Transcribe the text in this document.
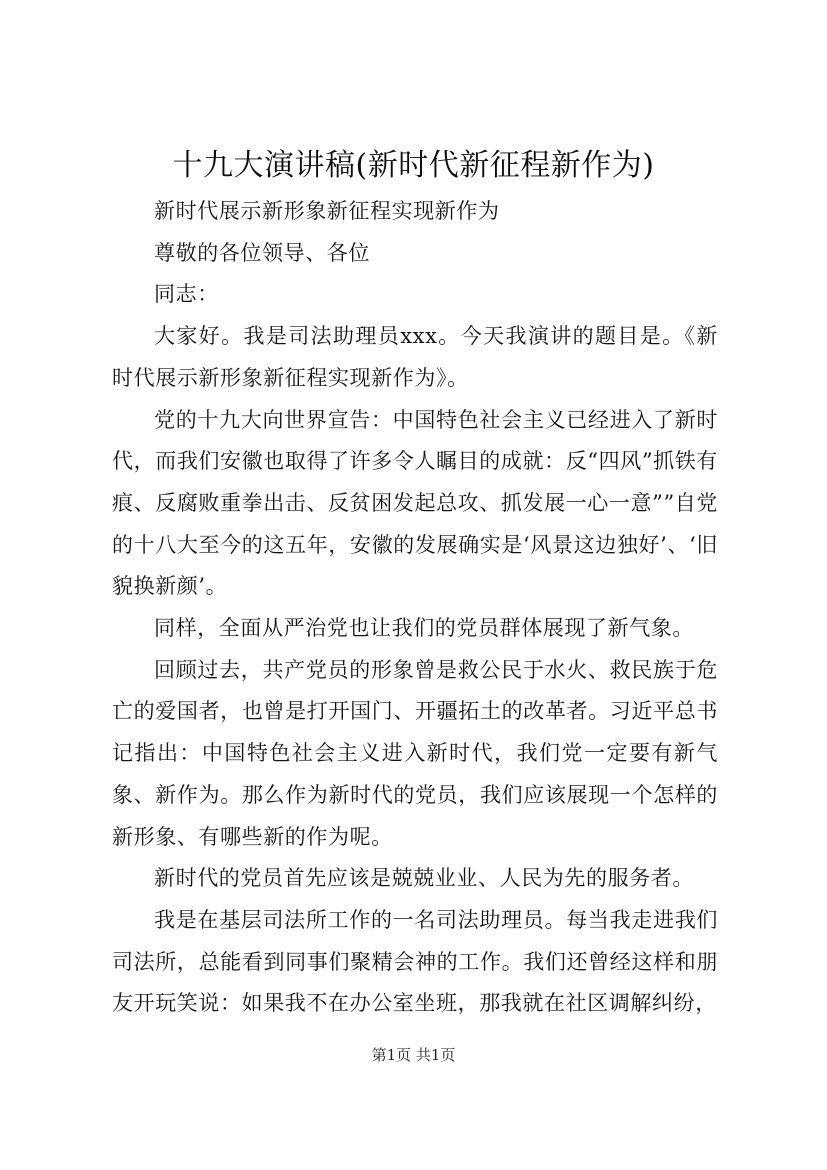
十九大演讲稿(新时代新征程新作为)

新时代展示新形象新征程实现新作为

尊敬的各位领导、各位

同志：

大家好。我是司法助理员xxx。今天我演讲的题目是。《新时代展示新形象新征程实现新作为》。

党的十九大向世界宣告：中国特色社会主义已经进入了新时代，而我们安徽也取得了许多令人瞩目的成就：反“四风”抓铁有痕、反腐败重拳出击、反贫困发起总攻、抓发展一心一意””自党的十八大至今的这五年，安徽的发展确实是‘风景这边独好’、‘旧貌换新颜’。

同样，全面从严治党也让我们的党员群体展现了新气象。

回顾过去，共产党员的形象曾是救公民于水火、救民族于危亡的爱国者，也曾是打开国门、开疆拓土的改革者。习近平总书记指出：中国特色社会主义进入新时代，我们党一定要有新气象、新作为。那么作为新时代的党员，我们应该展现一个怎样的新形象、有哪些新的作为呢。

新时代的党员首先应该是兢兢业业、人民为先的服务者。

我是在基层司法所工作的一名司法助理员。每当我走进我们司法所，总能看到同事们聚精会神的工作。我们还曾经这样和朋友开玩笑说：如果我不在办公室坐班，那我就在社区调解纠纷，

第1页 共1页
